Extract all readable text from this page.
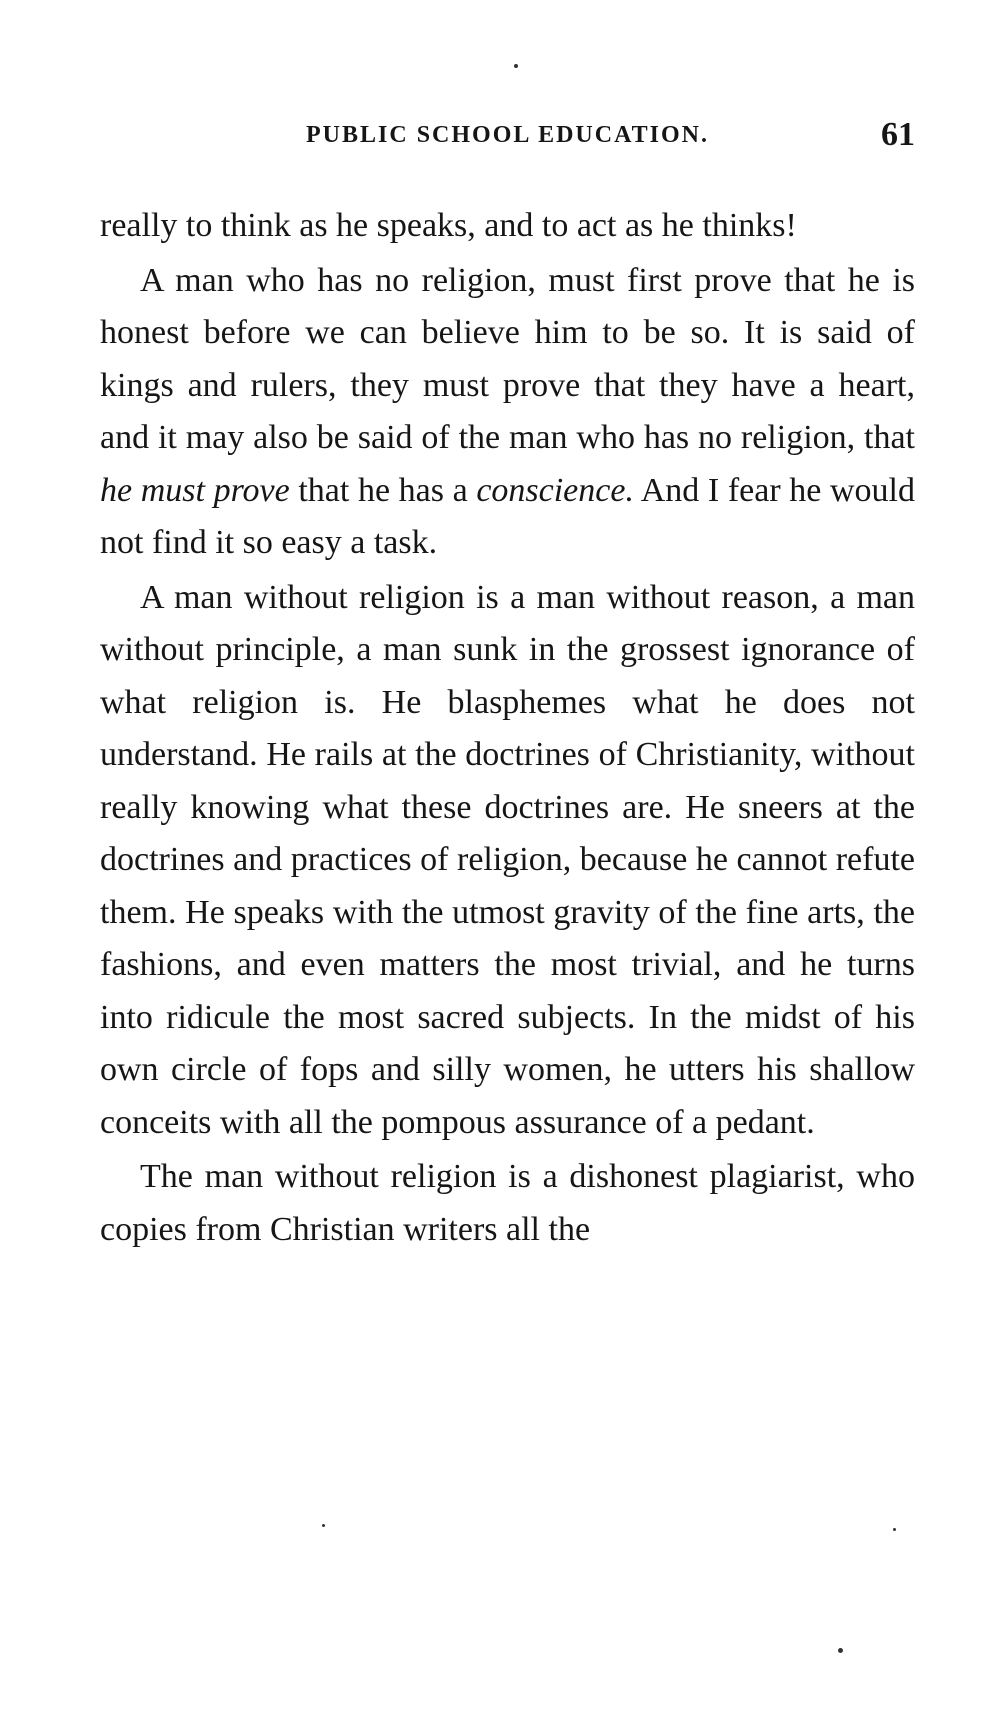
PUBLIC SCHOOL EDUCATION.	61

really to think as he speaks, and to act as he thinks!

A man who has no religion, must first prove that he is honest before we can believe him to be so. It is said of kings and rulers, they must prove that they have a heart, and it may also be said of the man who has no religion, that he must prove that he has a conscience. And I fear he would not find it so easy a task.

A man without religion is a man without reason, a man without principle, a man sunk in the grossest ignorance of what religion is. He blasphemes what he does not understand. He rails at the doctrines of Christianity, without really knowing what these doctrines are. He sneers at the doctrines and practices of religion, because he cannot refute them. He speaks with the utmost gravity of the fine arts, the fashions, and even matters the most trivial, and he turns into ridicule the most sacred subjects. In the midst of his own circle of fops and silly women, he utters his shallow conceits with all the pompous assurance of a pedant.

The man without religion is a dishonest plagiarist, who copies from Christian writers all the
